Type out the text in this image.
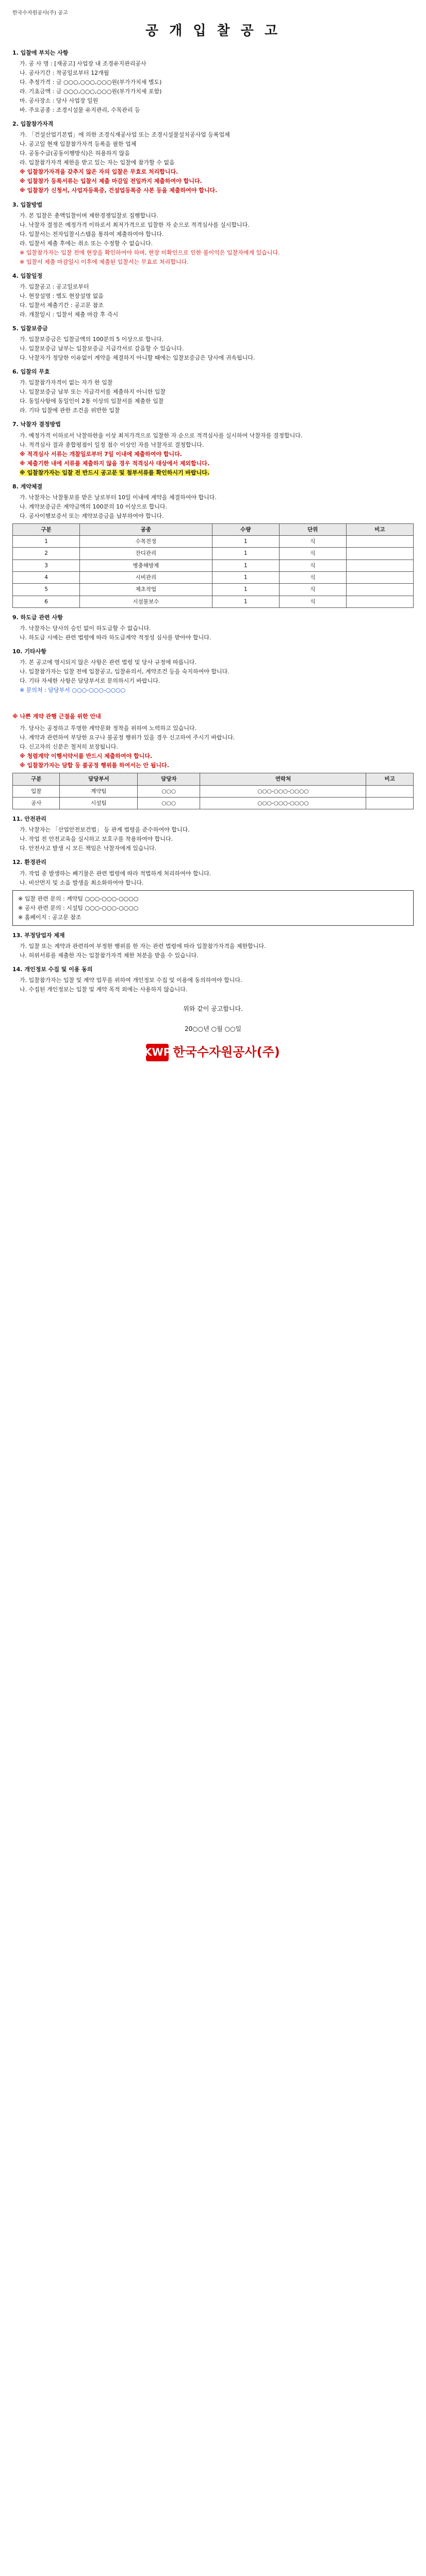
한국수자원공사(주) 공고
공 개 입 찰 공 고
1. 입찰에 부치는 사항
가. 공 사 명 : [재공고] 사업장 내 조경유지관리공사
나. 공사기간 : 착공일로부터 12개월
다. 추정가격 : 금 ○○○,○○○,○○○원(부가가치세 별도)
라. 기초금액 : 금 ○○○,○○○,○○○원(부가가치세 포함)
마. 공사장소 : 당사 사업장 일원
바. 주요공종 : 조경시설물 유지관리, 수목관리 등
2. 입찰참가자격
가. 「건설산업기본법」에 의한 조경식재공사업 또는 조경시설물설치공사업 등록업체
나. 공고일 현재 입찰참가자격 등록을 필한 업체
다. 공동수급(공동이행방식)은 허용하지 않음
라. 입찰참가자격 제한을 받고 있는 자는 입찰에 참가할 수 없음
※ 입찰참가자격을 갖추지 않은 자의 입찰은 무효로 처리합니다.
※ 입찰참가 등록서류는 입찰서 제출 마감일 전일까지 제출하여야 합니다.
※ 입찰참가 신청서, 사업자등록증, 건설업등록증 사본 등을 제출하여야 합니다.
3. 입찰방법
가. 본 입찰은 총액입찰이며 제한경쟁입찰로 집행합니다.
나. 낙찰자 결정은 예정가격 이하로서 최저가격으로 입찰한 자 순으로 적격심사를 실시합니다.
다. 입찰서는 전자입찰시스템을 통하여 제출하여야 합니다.
라. 입찰서 제출 후에는 취소 또는 수정할 수 없습니다.
※ 입찰참가자는 입찰 전에 현장을 확인하여야 하며, 현장 미확인으로 인한 불이익은 입찰자에게 있습니다.
※ 입찰서 제출 마감일시 이후에 제출된 입찰서는 무효로 처리합니다.
4. 입찰일정
가. 입찰공고 : 공고일로부터
나. 현장설명 : 별도 현장설명 없음
다. 입찰서 제출기간 : 공고문 참조
라. 개찰일시 : 입찰서 제출 마감 후 즉시
5. 입찰보증금
가. 입찰보증금은 입찰금액의 100분의 5 이상으로 합니다.
나. 입찰보증금 납부는 입찰보증금 지급각서로 갈음할 수 있습니다.
다. 낙찰자가 정당한 이유없이 계약을 체결하지 아니할 때에는 입찰보증금은 당사에 귀속됩니다.
6. 입찰의 무효
가. 입찰참가자격이 없는 자가 한 입찰
나. 입찰보증금 납부 또는 지급각서를 제출하지 아니한 입찰
다. 동일사항에 동일인이 2통 이상의 입찰서를 제출한 입찰
라. 기타 입찰에 관한 조건을 위반한 입찰
7. 낙찰자 결정방법
가. 예정가격 이하로서 낙찰하한율 이상 최저가격으로 입찰한 자 순으로 적격심사를 실시하여 낙찰자를 결정합니다.
나. 적격심사 결과 종합평점이 일정 점수 이상인 자를 낙찰자로 결정합니다.
※ 적격심사 서류는 개찰일로부터 7일 이내에 제출하여야 합니다.
※ 제출기한 내에 서류를 제출하지 않을 경우 적격심사 대상에서 제외합니다.
※ 입찰참가자는 입찰 전 반드시 공고문 및 첨부서류를 확인하시기 바랍니다.
8. 계약체결
가. 낙찰자는 낙찰통보를 받은 날로부터 10일 이내에 계약을 체결하여야 합니다.
나. 계약보증금은 계약금액의 100분의 10 이상으로 합니다.
다. 공사이행보증서 또는 계약보증금을 납부하여야 합니다.
구분	공종	수량	단위	비고
1	수목전정	1	식	
2	잔디관리	1	식	
3	병충해방제	1	식	
4	시비관리	1	식	
5	제초작업	1	식	
6	시설물보수	1	식	
9. 하도급 관련 사항
가. 낙찰자는 당사의 승인 없이 하도급할 수 없습니다.
나. 하도급 시에는 관련 법령에 따라 하도급계약 적정성 심사를 받아야 합니다.
10. 기타사항
가. 본 공고에 명시되지 않은 사항은 관련 법령 및 당사 규정에 따릅니다.
나. 입찰참가자는 입찰 전에 입찰공고, 입찰유의서, 계약조건 등을 숙지하여야 합니다.
다. 기타 자세한 사항은 담당부서로 문의하시기 바랍니다.
※ 문의처 : 담당부서 ○○○-○○○-○○○○
※ 나쁜 계약 관행 근절을 위한 안내
가. 당사는 공정하고 투명한 계약문화 정착을 위하여 노력하고 있습니다.
나. 계약과 관련하여 부당한 요구나 불공정 행위가 있을 경우 신고하여 주시기 바랍니다.
다. 신고자의 신분은 철저히 보장됩니다.
※ 청렴계약 이행서약서를 반드시 제출하여야 합니다.
※ 입찰참가자는 담합 등 불공정 행위를 하여서는 안 됩니다.
구분	담당부서	담당자	연락처	비고
입찰	계약팀	○○○	○○○-○○○-○○○○	
공사	시설팀	○○○	○○○-○○○-○○○○	
11. 안전관리
가. 낙찰자는 「산업안전보건법」 등 관계 법령을 준수하여야 합니다.
나. 작업 전 안전교육을 실시하고 보호구를 착용하여야 합니다.
다. 안전사고 발생 시 모든 책임은 낙찰자에게 있습니다.
12. 환경관리
가. 작업 중 발생하는 폐기물은 관련 법령에 따라 적법하게 처리하여야 합니다.
나. 비산먼지 및 소음 발생을 최소화하여야 합니다.
※ 입찰 관련 문의 : 계약팀 ○○○-○○○-○○○○
※ 공사 관련 문의 : 시설팀 ○○○-○○○-○○○○
※ 홈페이지 : 공고문 참조
13. 부정당업자 제재
가. 입찰 또는 계약과 관련하여 부정한 행위를 한 자는 관련 법령에 따라 입찰참가자격을 제한합니다.
나. 허위서류를 제출한 자는 입찰참가자격 제한 처분을 받을 수 있습니다.
14. 개인정보 수집 및 이용 동의
가. 입찰참가자는 입찰 및 계약 업무를 위하여 개인정보 수집 및 이용에 동의하여야 합니다.
나. 수집된 개인정보는 입찰 및 계약 목적 외에는 사용하지 않습니다.
위와 같이 공고합니다.
20○○년 ○월 ○○일
KWP 한국수자원공사(주)
